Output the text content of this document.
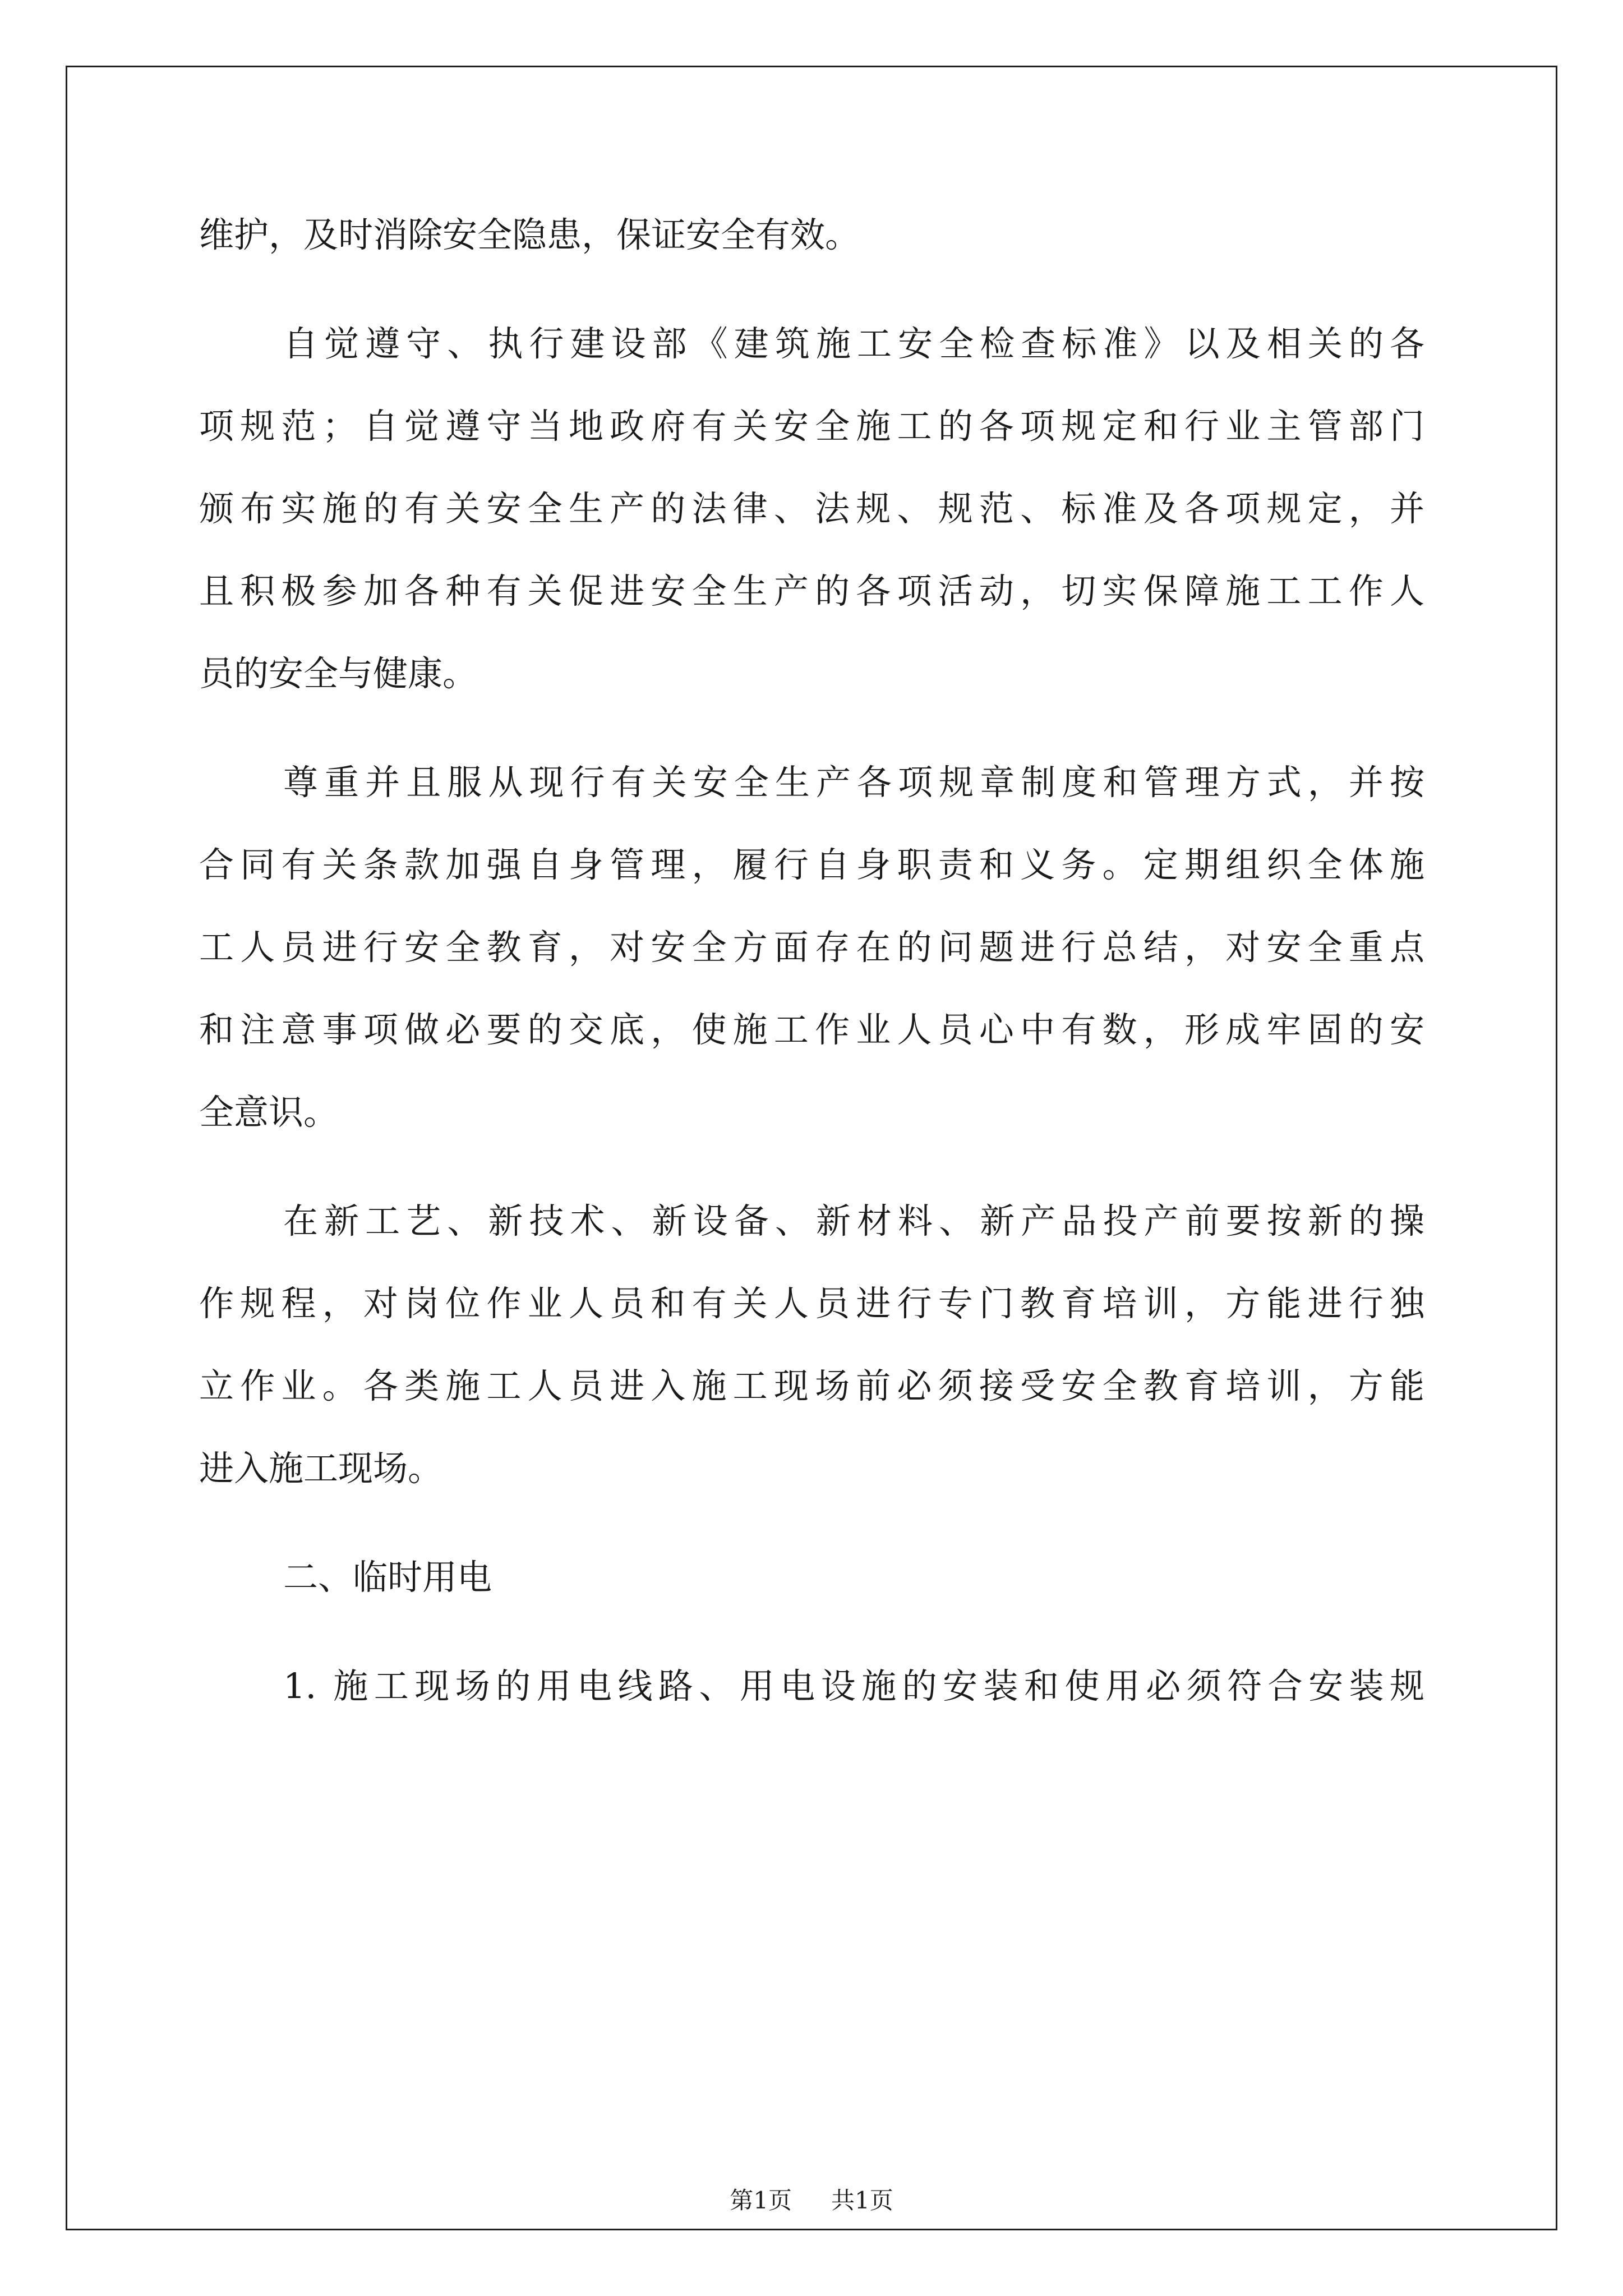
维护，及时消除安全隐患，保证安全有效。
自觉遵守、执行建设部《建筑施工安全检查标准》以及相关的各
项规范；自觉遵守当地政府有关安全施工的各项规定和行业主管部门
颁布实施的有关安全生产的法律、法规、规范、标准及各项规定，并
且积极参加各种有关促进安全生产的各项活动，切实保障施工工作人
员的安全与健康。
尊重并且服从现行有关安全生产各项规章制度和管理方式，并按
合同有关条款加强自身管理，履行自身职责和义务。定期组织全体施
工人员进行安全教育，对安全方面存在的问题进行总结，对安全重点
和注意事项做必要的交底，使施工作业人员心中有数，形成牢固的安
全意识。
在新工艺、新技术、新设备、新材料、新产品投产前要按新的操
作规程，对岗位作业人员和有关人员进行专门教育培训，方能进行独
立作业。各类施工人员进入施工现场前必须接受安全教育培训，方能
进入施工现场。
二、临时用电
1. 施工现场的用电线路、用电设施的安装和使用必须符合安装规
第1页 共1页
